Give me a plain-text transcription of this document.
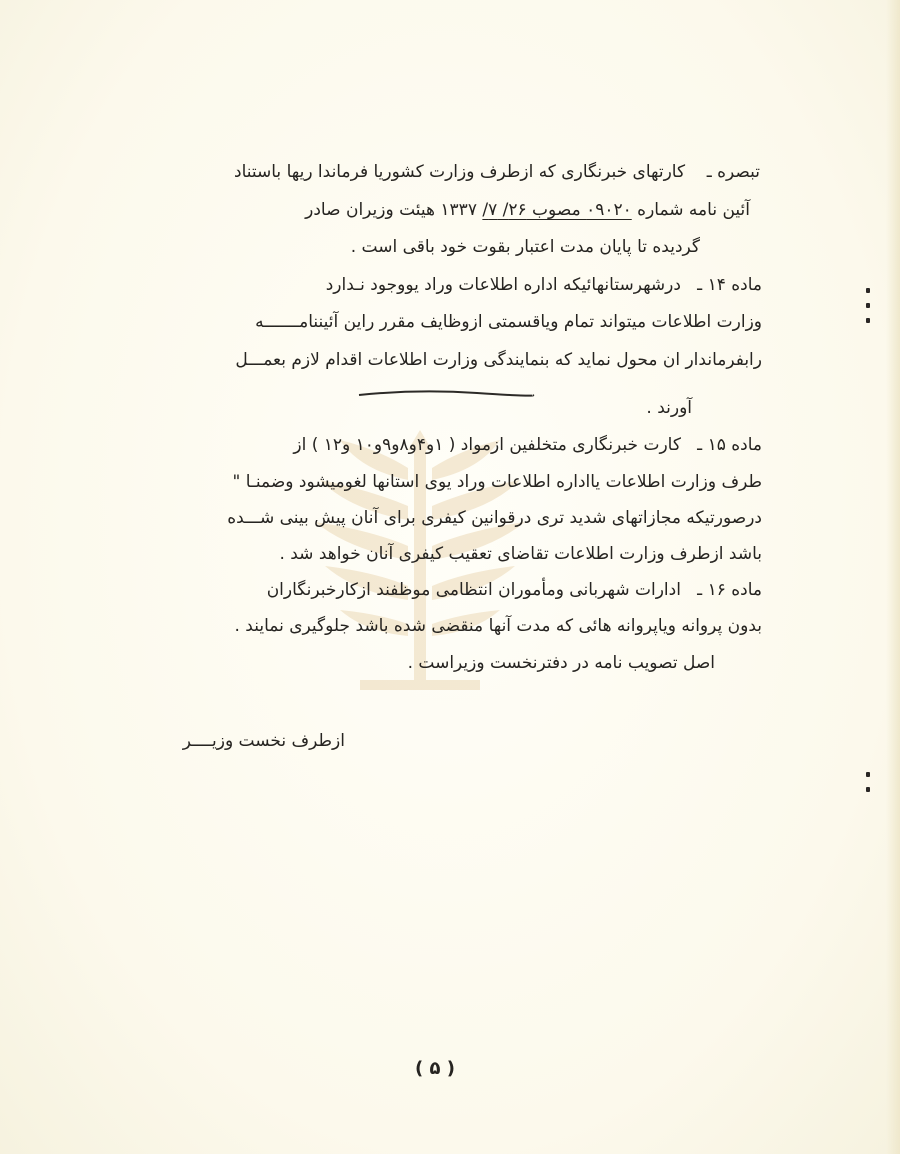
تبصره ـ    کارتهای خبرنگاری که ازطرف وزارت کشوریا فرماندا ریها باستناد
آئین نامه شماره ۰۹۰۲۰ مصوب ۲۶/ ۷/ ۱۳۳۷ هیئت وزیران صادر
گردیده تا پایان مدت اعتبار بقوت خود باقی است .
ماده ۱۴ ـ   درشهرستانهائیکه اداره اطلاعات وراد یووجود نـدارد
وزارت اطلاعات میتواند تمام ویاقسمتی ازوظایف مقرر راین آئیننامـــــــه
رابفرماندار ان محول نماید که بنمایندگی وزارت اطلاعات اقدام لازم بعمـــل
آورند .
ماده ۱۵ ـ   کارت خبرنگاری متخلفین ازمواد ( ۱و۴و۸و۹و۱۰ و۱۲ ) از
طرف وزارت اطلاعات یااداره اطلاعات وراد یوی استانها لغومیشود وضمنـا "
درصورتیکه مجازاتهای شدید تری درقوانین کیفری برای آنان پیش بینی شـــده
باشد ازطرف وزارت اطلاعات تقاضای تعقیب کیفری آنان خواهد شد .
ماده ۱۶ ـ   ادارات شهربانی ومأموران انتظامی موظفند ازکارخبرنگاران
بدون پروانه ویاپروانه هائی که مدت آنها منقضی شده باشد جلوگیری نمایند .
اصل تصویب نامه در دفترنخست وزیراست .
ازطرف نخست وزیــــر
( ۵ )
